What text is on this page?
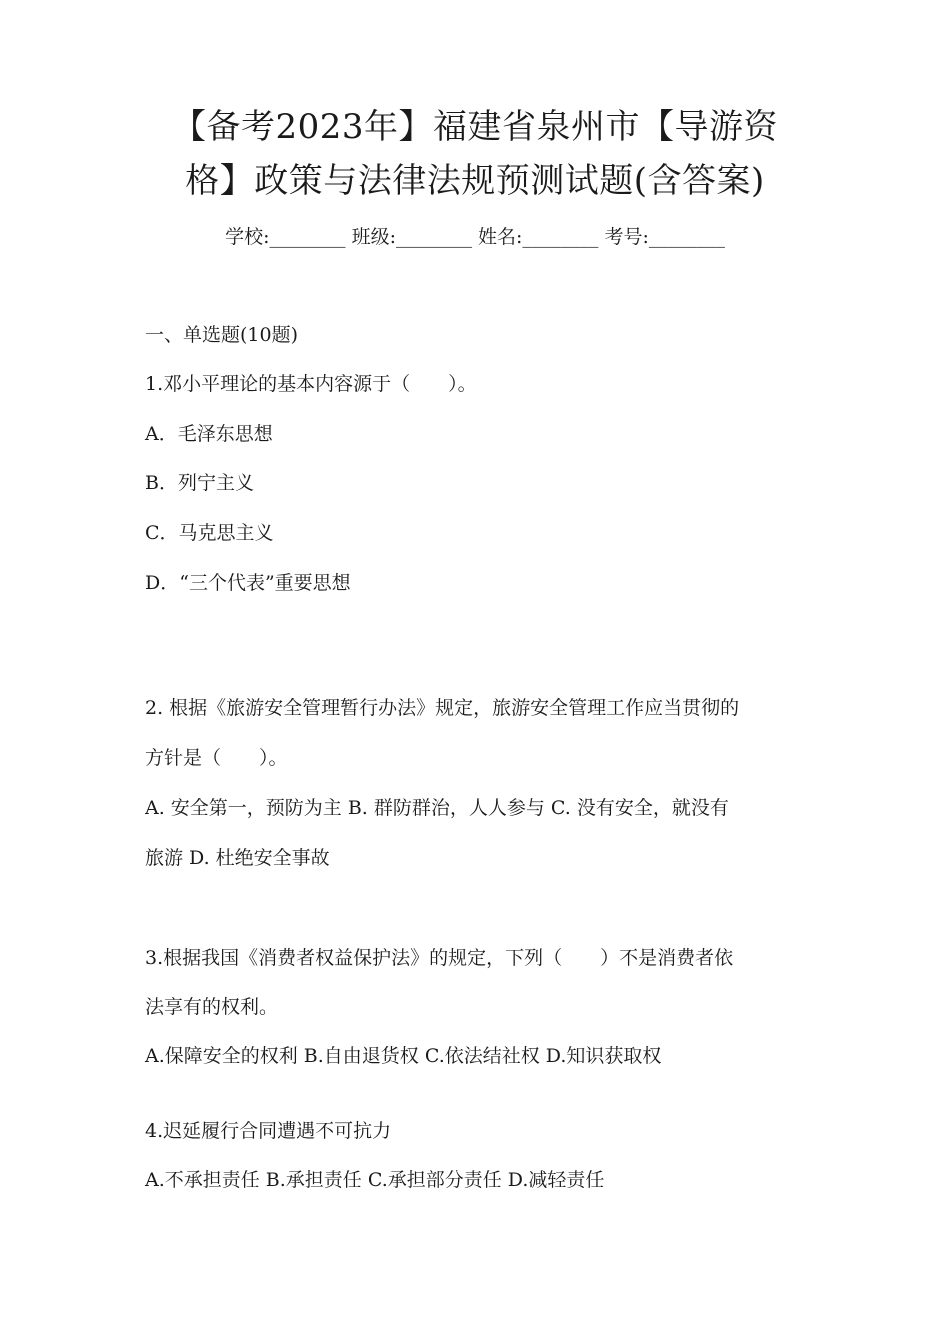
【备考2023年】福建省泉州市【导游资
格】政策与法律法规预测试题(含答案)
学校:________ 班级:________ 姓名:________ 考号:________
一、单选题(10题)
1.邓小平理论的基本内容源于（　　）。
A．毛泽东思想
B．列宁主义
C．马克思主义
D．“三个代表”重要思想
2. 根据《旅游安全管理暂行办法》规定，旅游安全管理工作应当贯彻的
方针是（　　）。
A. 安全第一，预防为主 B. 群防群治，人人参与 C. 没有安全，就没有
旅游 D. 杜绝安全事故
3.根据我国《消费者权益保护法》的规定，下列（　　）不是消费者依
法享有的权利。
A.保障安全的权利 B.自由退货权 C.依法结社权 D.知识获取权
4.迟延履行合同遭遇不可抗力
A.不承担责任 B.承担责任 C.承担部分责任 D.减轻责任
